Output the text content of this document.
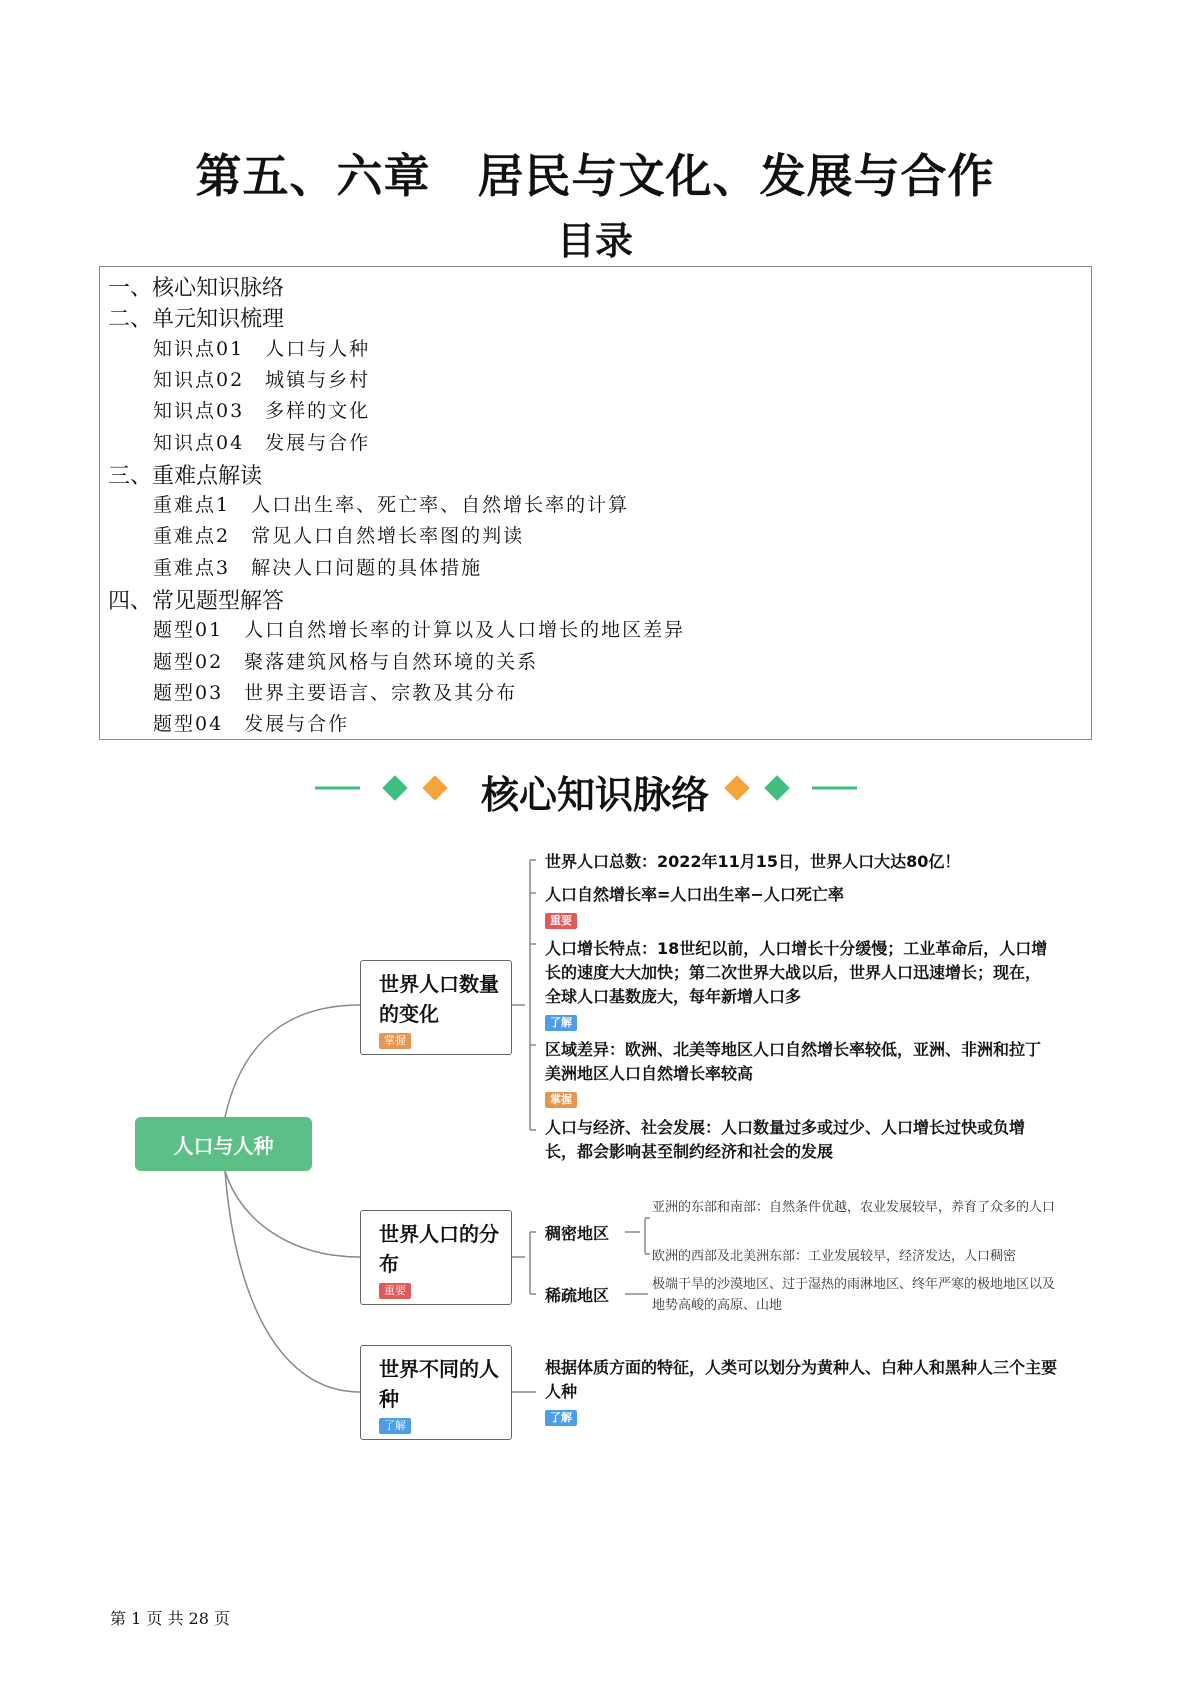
第五、六章　居民与文化、发展与合作
目录
一、核心知识脉络
二、单元知识梳理
知识点01　人口与人种
知识点02　城镇与乡村
知识点03　多样的文化
知识点04　发展与合作
三、重难点解读
重难点1　人口出生率、死亡率、自然增长率的计算
重难点2　常见人口自然增长率图的判读
重难点3　解决人口问题的具体措施
四、常见题型解答
题型01　人口自然增长率的计算以及人口增长的地区差异
题型02　聚落建筑风格与自然环境的关系
题型03　世界主要语言、宗教及其分布
题型04　发展与合作
核心知识脉络
人口与人种
世界人口数量的变化
掌握
世界人口的分布
重要
世界不同的人种
了解
世界人口总数：2022年11月15日，世界人口大达80亿！
人口自然增长率=人口出生率−人口死亡率
重要
人口增长特点：18世纪以前，人口增长十分缓慢；工业革命后，人口增长的速度大大加快；第二次世界大战以后，世界人口迅速增长；现在，全球人口基数庞大，每年新增人口多
了解
区域差异：欧洲、北美等地区人口自然增长率较低，亚洲、非洲和拉丁美洲地区人口自然增长率较高
掌握
人口与经济、社会发展：人口数量过多或过少、人口增长过快或负增长，都会影响甚至制约经济和社会的发展
稠密地区
稀疏地区
亚洲的东部和南部：自然条件优越，农业发展较早，养育了众多的人口
欧洲的西部及北美洲东部：工业发展较早，经济发达，人口稠密
极端干旱的沙漠地区、过于湿热的雨淋地区、终年严寒的极地地区以及地势高峻的高原、山地
根据体质方面的特征，人类可以划分为黄种人、白种人和黑种人三个主要人种
了解
第 1 页 共 28 页
